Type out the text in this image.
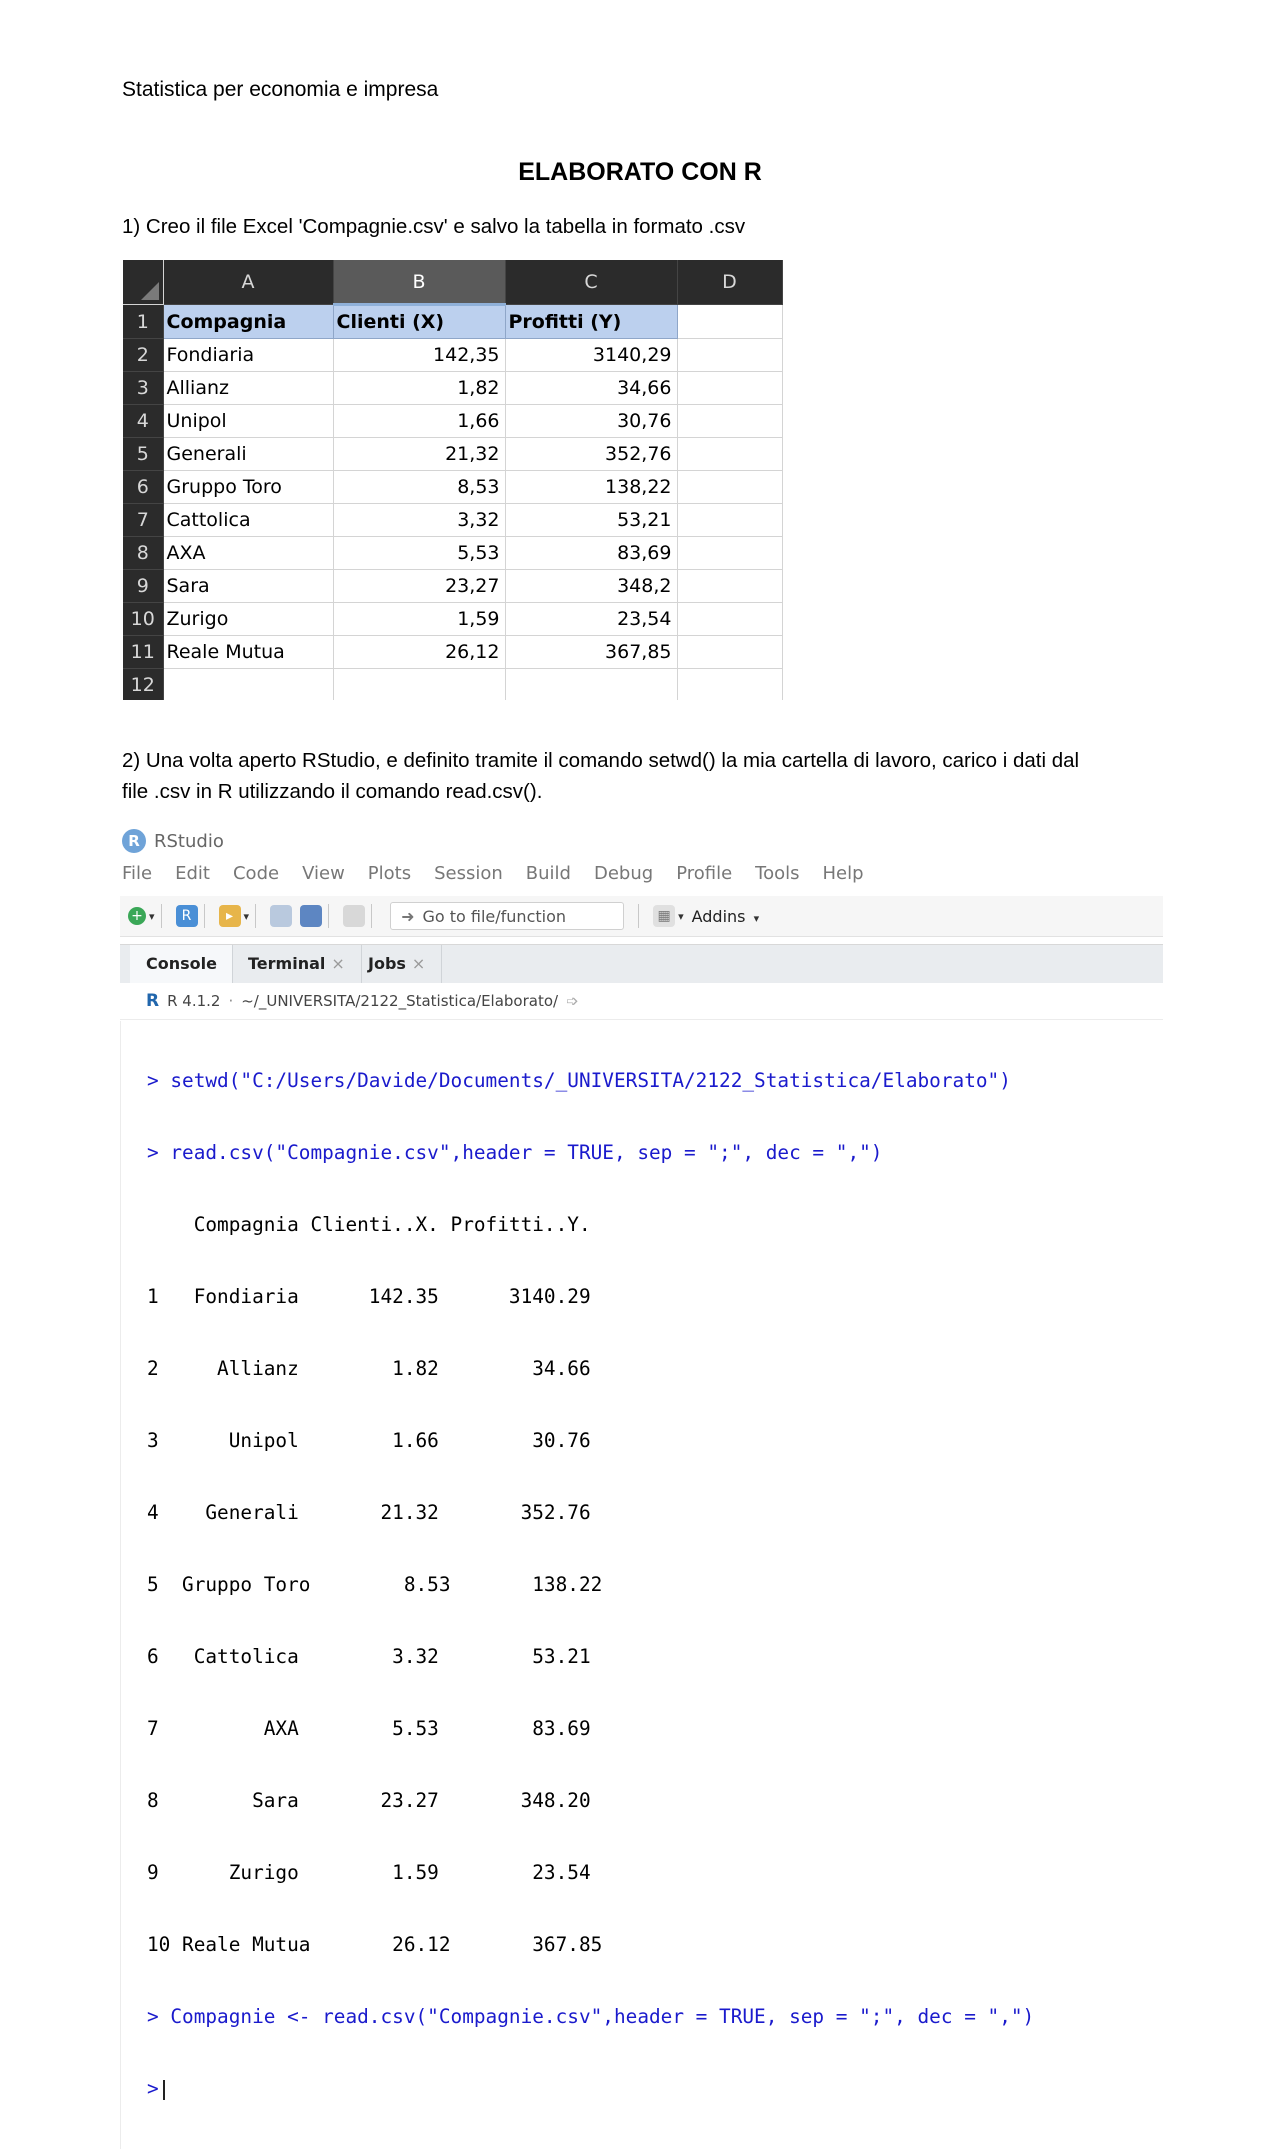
Statistica per economia e impresa
ELABORATO CON R
1) Creo il file Excel 'Compagnie.csv' e salvo la tabella in formato .csv
	A	B	C	D
1	Compagnia	Clienti (X)	Profitti (Y)	
2	Fondiaria	142,35	3140,29	
3	Allianz	1,82	34,66	
4	Unipol	1,66	30,76	
5	Generali	21,32	352,76	
6	Gruppo Toro	8,53	138,22	
7	Cattolica	3,32	53,21	
8	AXA	5,53	83,69	
9	Sara	23,27	348,2	
10	Zurigo	1,59	23,54	
11	Reale Mutua	26,12	367,85	
12				
2) Una volta aperto RStudio, e definito tramite il comando setwd() la mia cartella di lavoro, carico i dati dal
file .csv in R utilizzando il comando read.csv().
R RStudio
File Edit Code View Plots Session Build Debug Profile Tools Help
+ ▾	R	▸ ▾	➜ Go to file/function	▦ ▾ Addins ▾
Console	Terminal ×	Jobs ×
R R 4.1.2 · ~/_UNIVERSITA/2122_Statistica/Elaborato/ ➩

> setwd("C:/Users/Davide/Documents/_UNIVERSITA/2122_Statistica/Elaborato")

> read.csv("Compagnie.csv",header = TRUE, sep = ";", dec = ",")

Compagnia Clienti..X. Profitti..Y.

1   Fondiaria      142.35      3140.29

2     Allianz        1.82        34.66

3      Unipol        1.66        30.76

4    Generali       21.32       352.76

5  Gruppo Toro        8.53       138.22

6   Cattolica        3.32        53.21

7         AXA        5.53        83.69

8        Sara       23.27       348.20

9      Zurigo        1.59        23.54

10 Reale Mutua       26.12       367.85

> Compagnie <- read.csv("Compagnie.csv",header = TRUE, sep = ";", dec = ",")

>
